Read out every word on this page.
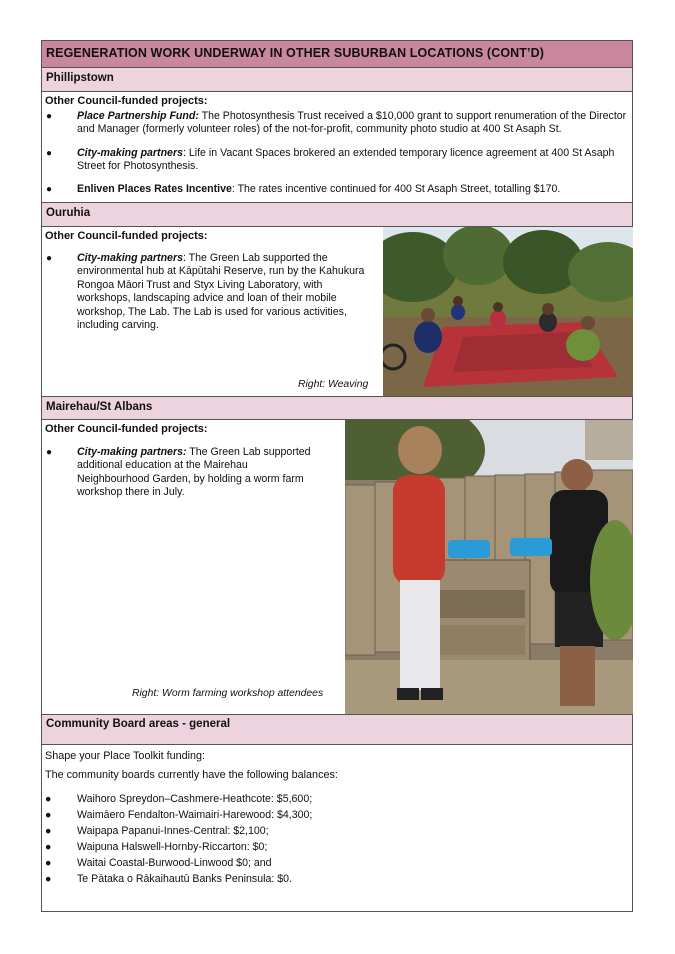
REGENERATION WORK UNDERWAY IN OTHER SUBURBAN LOCATIONS (CONT’D)
Phillipstown
Other Council-funded projects:
● Place Partnership Fund: The Photosynthesis Trust received a $10,000 grant to support renumeration of the Director
and Manager (formerly volunteer roles) of the not-for-profit, community photo studio at 400 St Asaph St.
● City-making partners: Life in Vacant Spaces brokered an extended temporary licence agreement at 400 St Asaph
Street for Photosynthesis.
● Enliven Places Rates Incentive: The rates incentive continued for 400 St Asaph Street, totalling $170.
Ouruhia
Other Council-funded projects:
● City-making partners: The Green Lab supported the
environmental hub at Kāpūtahi Reserve, run by the Kahukura
Rongoa Māori Trust and Styx Living Laboratory, with
workshops, landscaping advice and loan of their mobile
workshop, The Lab. The Lab is used for various activities,
including carving.
Right: Weaving
Mairehau/St Albans
Other Council-funded projects:
● City-making partners: The Green Lab supported
additional education at the Mairehau
Neighbourhood Garden, by holding a worm farm
workshop there in July.
Right: Worm farming workshop attendees
Community Board areas - general
Shape your Place Toolkit funding:
The community boards currently have the following balances:
● Waihoro Spreydon–Cashmere-Heathcote: $5,600;
● Waimāero Fendalton-Waimairi-Harewood: $4,300;
● Waipapa Papanui-Innes-Central: $2,100;
● Waipuna Halswell-Hornby-Riccarton: $0;
● Waitai Coastal-Burwood-Linwood $0; and
● Te Pātaka o Rākaihautū Banks Peninsula: $0.
